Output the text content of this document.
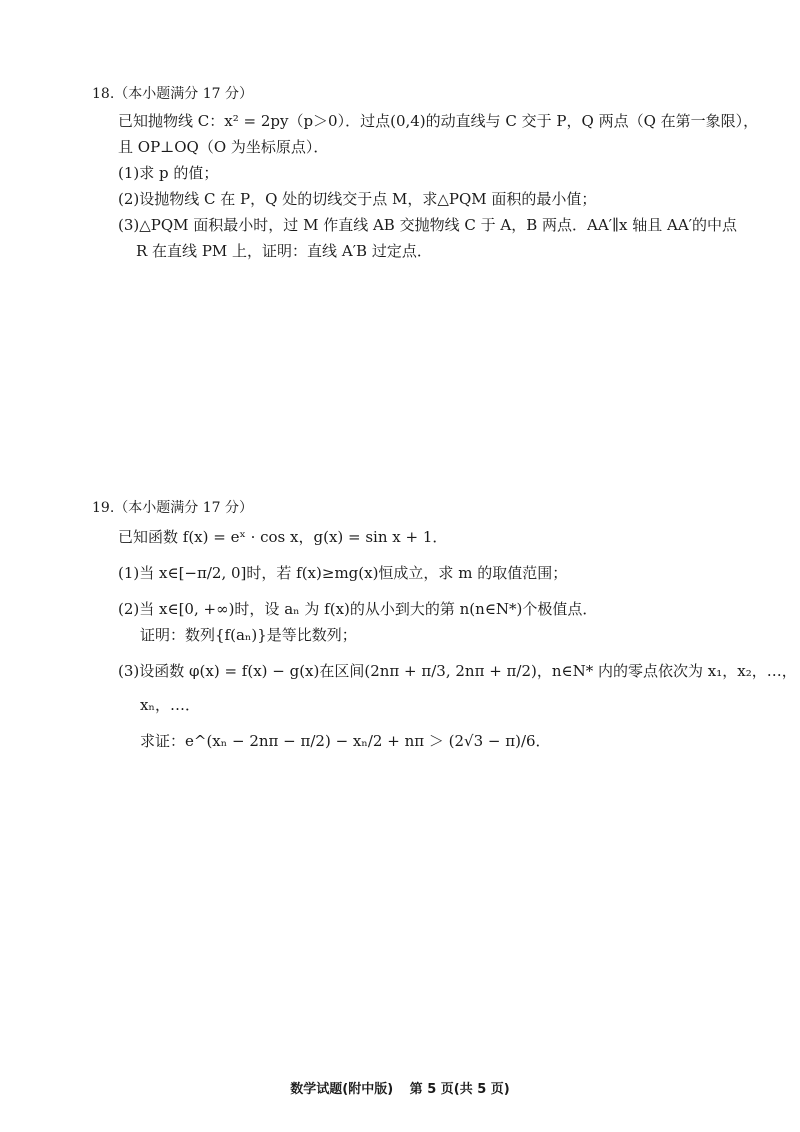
18.（本小题满分 17 分）
已知抛物线 C：x² = 2py（p＞0）．过点(0,4)的动直线与 C 交于 P，Q 两点（Q 在第一象限），
且 OP⊥OQ（O 为坐标原点）．
(1)求 p 的值；
(2)设抛物线 C 在 P，Q 处的切线交于点 M，求△PQM 面积的最小值；
(3)△PQM 面积最小时，过 M 作直线 AB 交抛物线 C 于 A，B 两点．AA′∥x 轴且 AA′的中点
R 在直线 PM 上，证明：直线 A′B 过定点．
19.（本小题满分 17 分）
已知函数 f(x) = eˣ · cos x，g(x) = sin x + 1．
(1)当 x∈[−π/2, 0]时，若 f(x)≥mg(x)恒成立，求 m 的取值范围；
(2)当 x∈[0, +∞)时，设 aₙ 为 f(x)的从小到大的第 n(n∈N*)个极值点．
证明：数列{f(aₙ)}是等比数列；
(3)设函数 φ(x) = f(x) − g(x)在区间(2nπ + π/3, 2nπ + π/2)，n∈N* 内的零点依次为 x₁，x₂，…，
xₙ，…．
求证：e^(xₙ − 2nπ − π/2) − xₙ/2 + nπ ＞ (2√3 − π)/6．
数学试题(附中版) 第 5 页(共 5 页)
